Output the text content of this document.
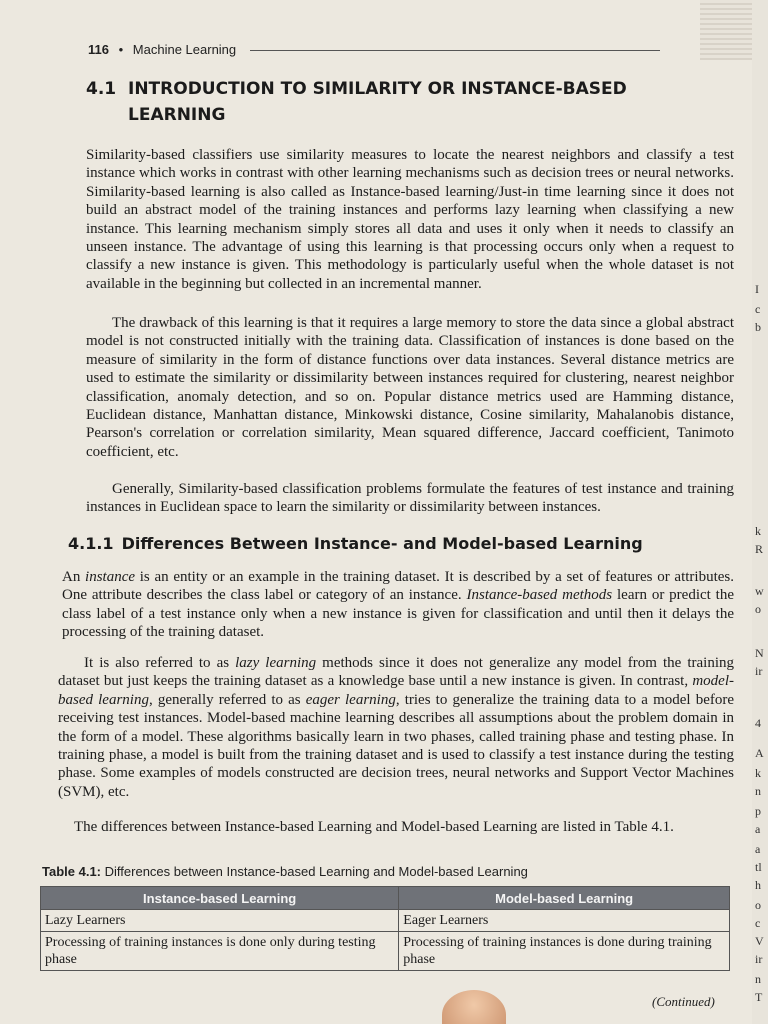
116 • Machine Learning
4.1 INTRODUCTION TO SIMILARITY OR INSTANCE-BASED
LEARNING

Similarity-based classifiers use similarity measures to locate the nearest neighbors and classify a test instance which works in contrast with other learning mechanisms such as decision trees or neural networks. Similarity-based learning is also called as Instance-based learning/Just-in time learning since it does not build an abstract model of the training instances and performs lazy learning when classifying a new instance. This learning mechanism simply stores all data and uses it only when it needs to classify an unseen instance. The advantage of using this learning is that processing occurs only when a request to classify a new instance is given. This methodology is particularly useful when the whole dataset is not available in the beginning but collected in an incremental manner.

The drawback of this learning is that it requires a large memory to store the data since a global abstract model is not constructed initially with the training data. Classification of instances is done based on the measure of similarity in the form of distance functions over data instances. Several distance metrics are used to estimate the similarity or dissimilarity between instances required for clustering, nearest neighbor classification, anomaly detection, and so on. Popular distance metrics used are Hamming distance, Euclidean distance, Manhattan distance, Minkowski distance, Cosine similarity, Mahalanobis distance, Pearson's correlation or correlation similarity, Mean squared difference, Jaccard coefficient, Tanimoto coefficient, etc.

Generally, Similarity-based classification problems formulate the features of test instance and training instances in Euclidean space to learn the similarity or dissimilarity between instances.

4.1.1 Differences Between Instance- and Model-based Learning

An instance is an entity or an example in the training dataset. It is described by a set of features or attributes. One attribute describes the class label or category of an instance. Instance-based methods learn or predict the class label of a test instance only when a new instance is given for classification and until then it delays the processing of the training dataset.

It is also referred to as lazy learning methods since it does not generalize any model from the training dataset but just keeps the training dataset as a knowledge base until a new instance is given. In contrast, model-based learning, generally referred to as eager learning, tries to generalize the training data to a model before receiving test instances. Model-based machine learning describes all assumptions about the problem domain in the form of a model. These algorithms basically learn in two phases, called training phase and testing phase. In training phase, a model is built from the training dataset and is used to classify a test instance during the testing phase. Some examples of models constructed are decision trees, neural networks and Support Vector Machines (SVM), etc.

The differences between Instance-based Learning and Model-based Learning are listed in Table 4.1.

Table 4.1: Differences between Instance-based Learning and Model-based Learning
Instance-based Learning	Model-based Learning
Lazy Learners	Eager Learners
Processing of training instances is done only during testing phase	Processing of training instances is done during training phase
(Continued)
I
c
b
k
R
w
o
N
ir
4
A
k
n
p
a
a
tl
h
o
c
V
ir
n
T
